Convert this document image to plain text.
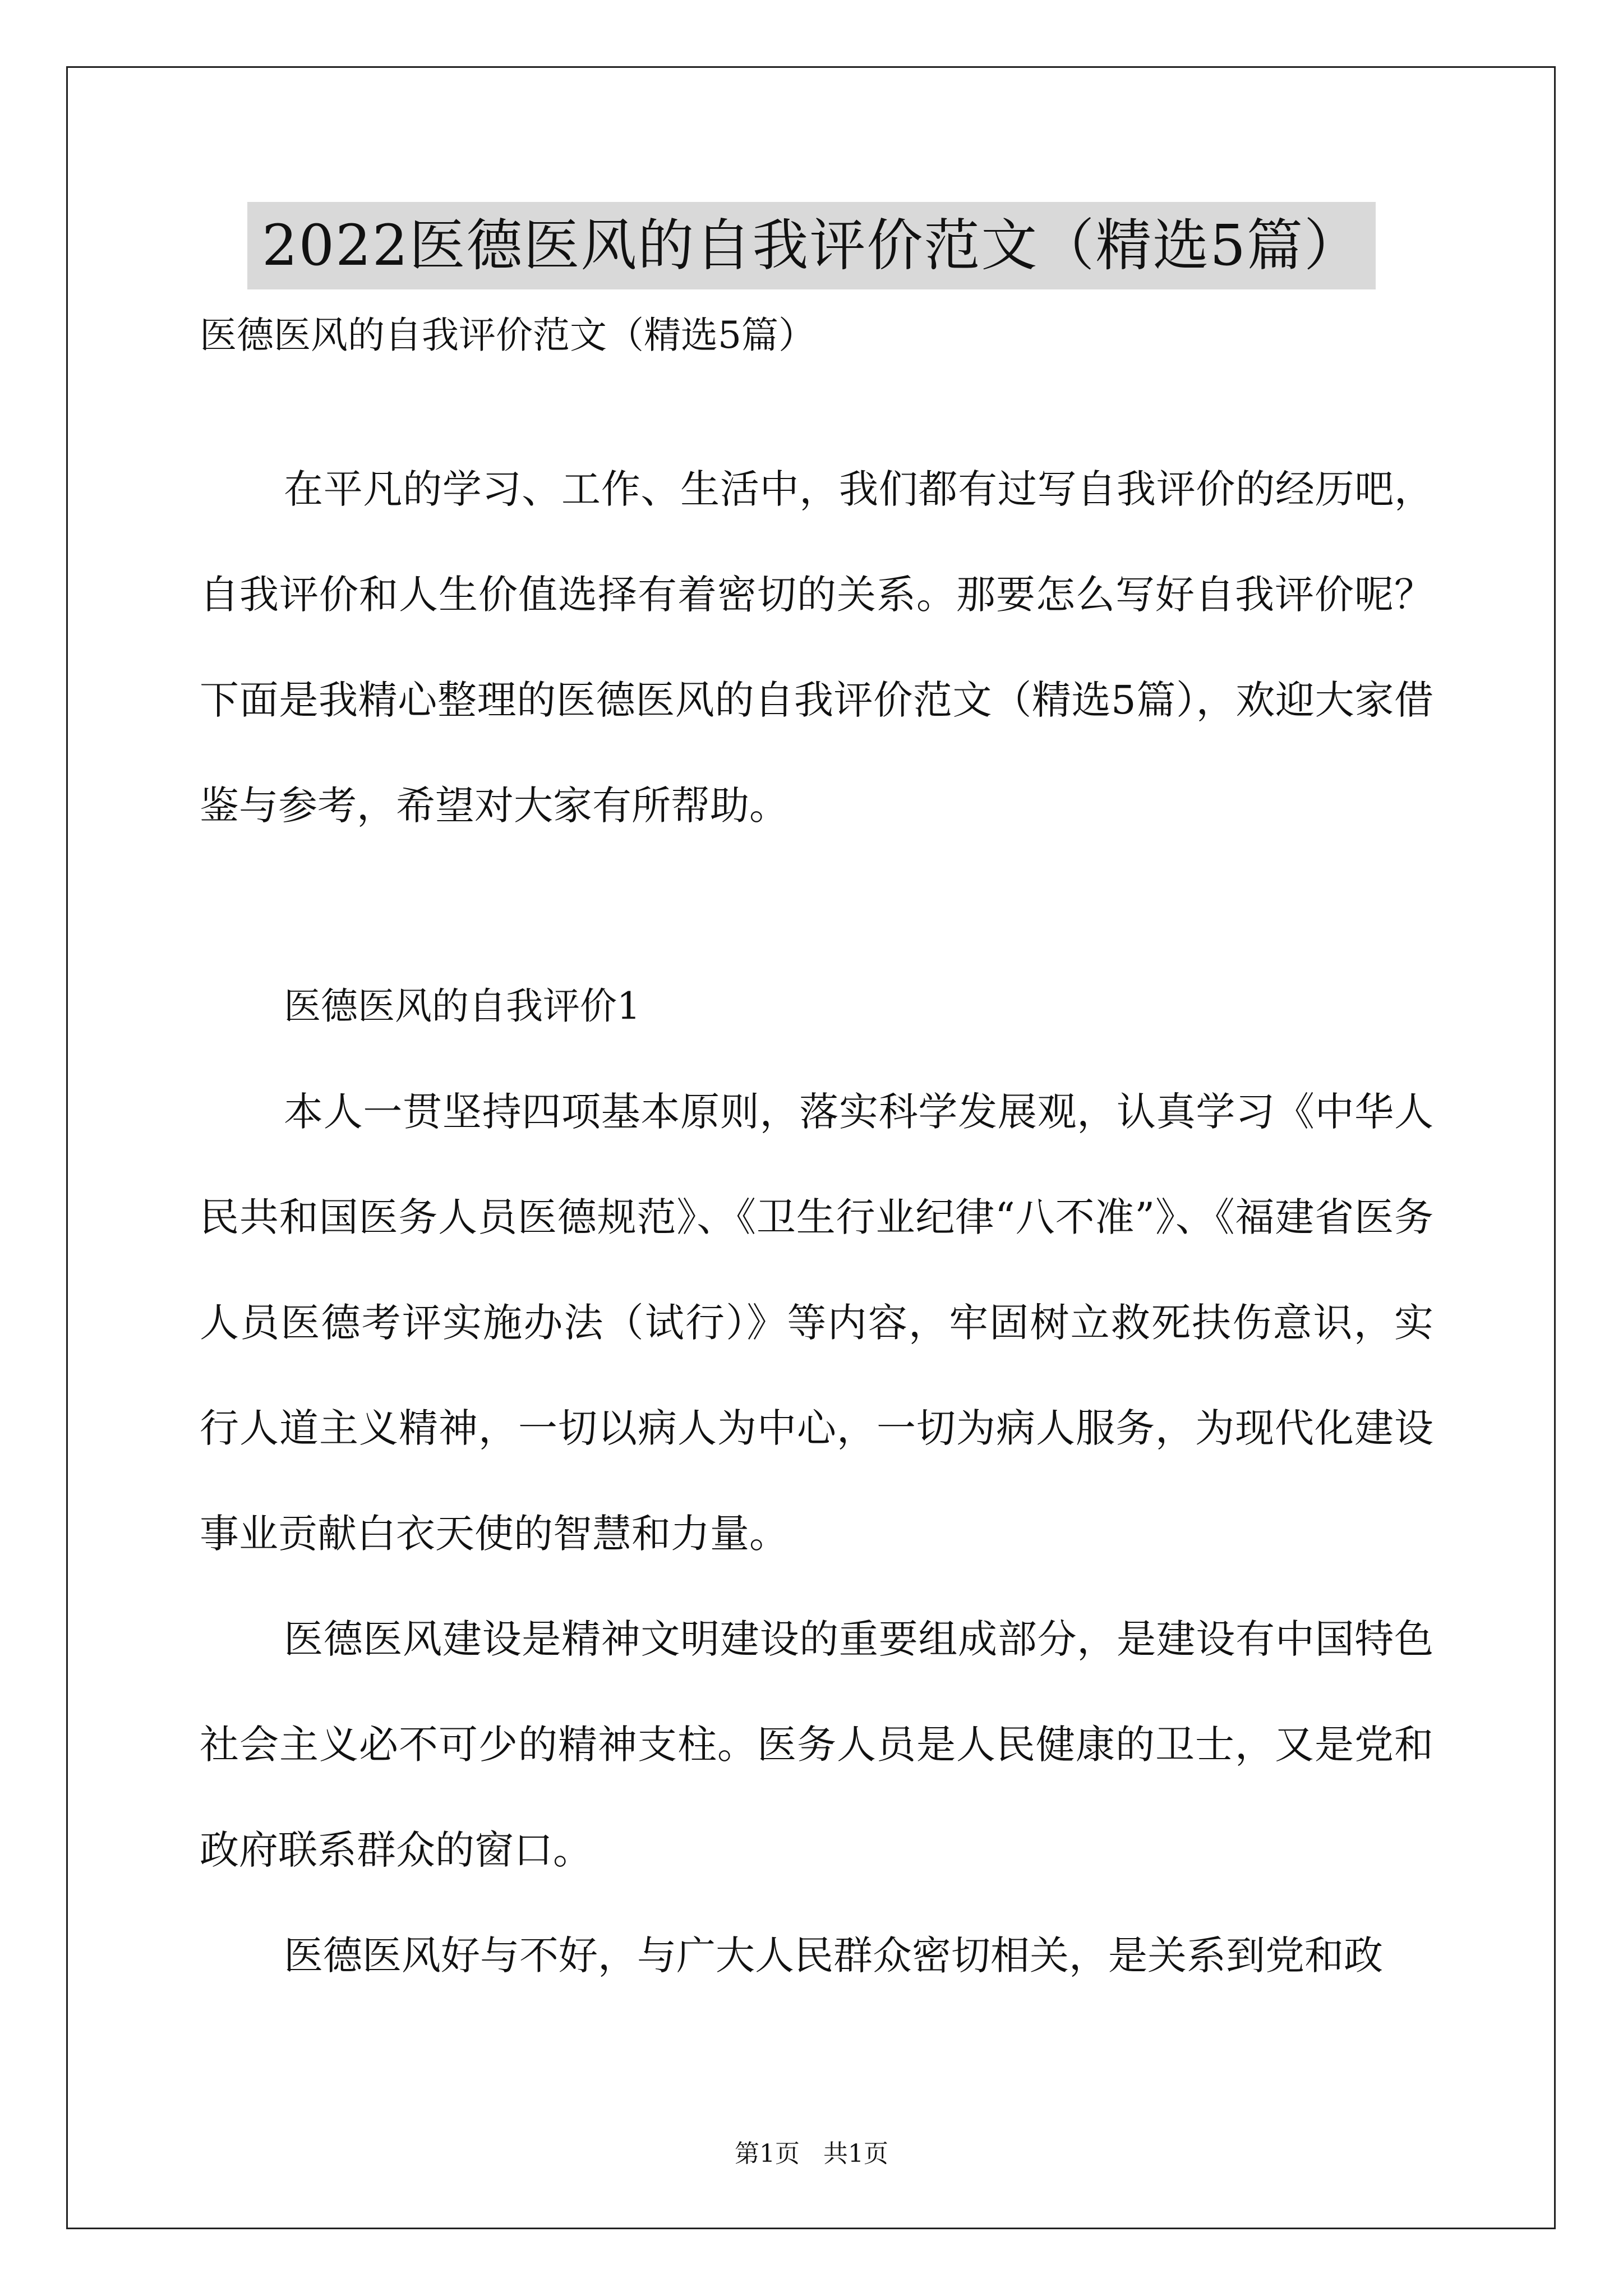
2022医德医风的自我评价范文（精选5篇）
医德医风的自我评价范文（精选5篇）

在平凡的学习、工作、生活中，我们都有过写自我评价的经历吧，自我评价和人生价值选择有着密切的关系。那要怎么写好自我评价呢？下面是我精心整理的医德医风的自我评价范文（精选5篇），欢迎大家借鉴与参考，希望对大家有所帮助。

医德医风的自我评价1

本人一贯坚持四项基本原则，落实科学发展观，认真学习《中华人民共和国医务人员医德规范》、《卫生行业纪律“八不准”》、《福建省医务人员医德考评实施办法（试行）》等内容，牢固树立救死扶伤意识，实行人道主义精神，一切以病人为中心，一切为病人服务，为现代化建设事业贡献白衣天使的智慧和力量。

医德医风建设是精神文明建设的重要组成部分，是建设有中国特色社会主义必不可少的精神支柱。医务人员是人民健康的卫士，又是党和政府联系群众的窗口。

医德医风好与不好，与广大人民群众密切相关，是关系到党和政

第1页   共1页
